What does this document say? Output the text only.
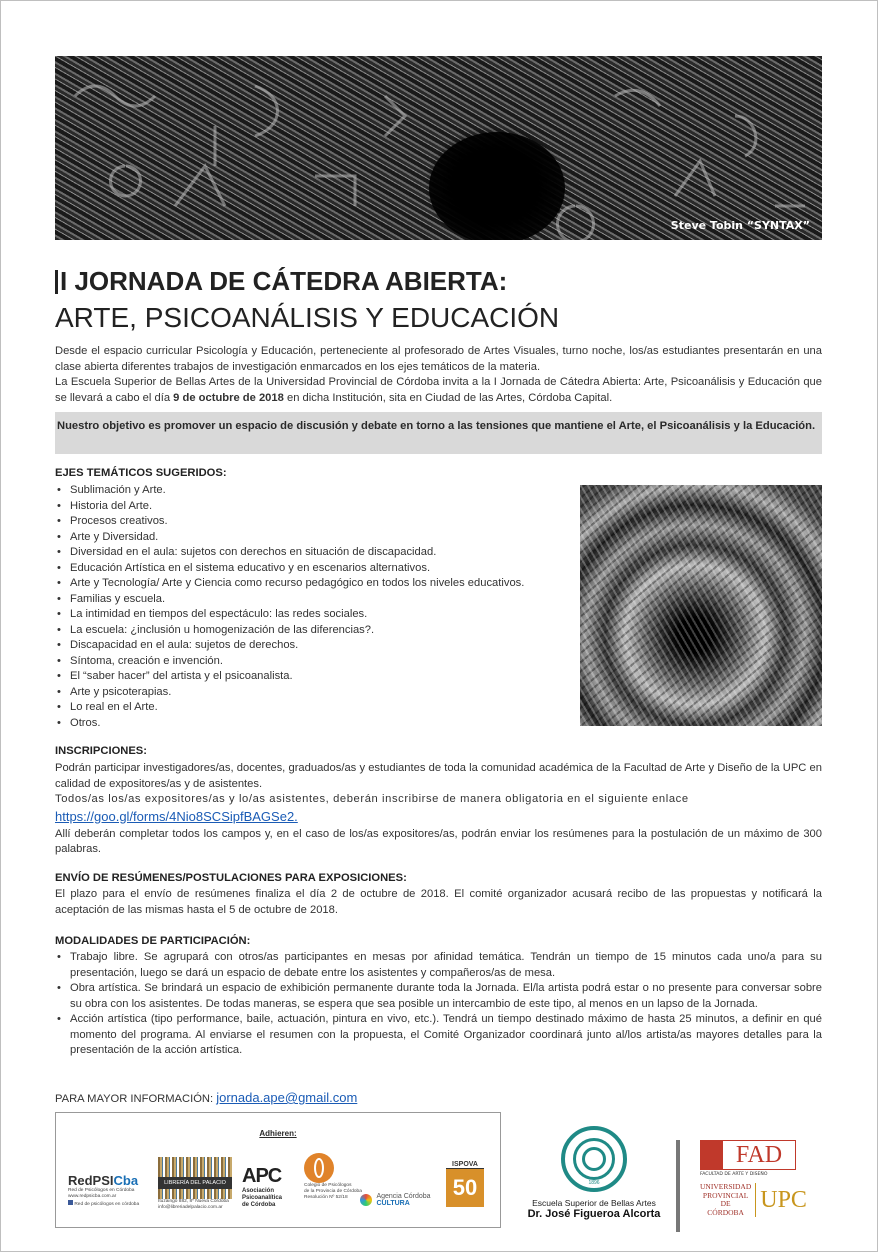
Steve Tobin “SYNTAX”
I JORNADA DE CÁTEDRA ABIERTA:
ARTE, PSICOANÁLISIS Y EDUCACIÓN

Desde el espacio curricular Psicología y Educación, perteneciente al profesorado de Artes Visuales, turno noche, los/as estudiantes presentarán en una clase abierta diferentes trabajos de investigación enmarcados en los ejes temáticos de la materia.

La Escuela Superior de Bellas Artes de la Universidad Provincial de Córdoba invita a la I Jornada de Cátedra Abierta: Arte, Psicoanálisis y Educación que se llevará a cabo el día 9 de octubre de 2018 en dicha Institución, sita en Ciudad de las Artes, Córdoba Capital.

Nuestro objetivo es promover un espacio de discusión y debate en torno a las tensiones que mantiene el Arte, el Psicoanálisis y la Educación.
EJES TEMÁTICOS SUGERIDOS:
• Sublimación y Arte.
• Historia del Arte.
• Procesos creativos.
• Arte y Diversidad.
• Diversidad en el aula: sujetos con derechos en situación de discapacidad.
• Educación Artística en el sistema educativo y en escenarios alternativos.
• Arte y Tecnología/ Arte y Ciencia como recurso pedagógico en todos los niveles educativos.
• Familias y escuela.
• La intimidad en tiempos del espectáculo: las redes sociales.
• La escuela: ¿inclusión u homogenización de las diferencias?.
• Discapacidad en el aula: sujetos de derechos.
• Síntoma, creación e invención.
• El “saber hacer” del artista y el psicoanalista.
• Arte y psicoterapias.
• Lo real en el Arte.
• Otros.
INSCRIPCIONES:

Podrán participar investigadores/as, docentes, graduados/as y estudiantes de toda la comunidad académica de la Facultad de Arte y Diseño de la UPC en calidad de expositores/as y de asistentes.

Todos/as los/as expositores/as y lo/as asistentes, deberán inscribirse de manera obligatoria en el siguiente enlace

https://goo.gl/forms/4Nio8SCSipfBAGSe2.

Allí deberán completar todos los campos y, en el caso de los/as expositores/as, podrán enviar los resúmenes para la postulación de un máximo de 300 palabras.

ENVÍO DE RESÚMENES/POSTULACIONES PARA EXPOSICIONES:
El plazo para el envío de resúmenes finaliza el día 2 de octubre de 2018. El comité organizador acusará recibo de las propuestas y notificará la aceptación de las mismas hasta el 5 de octubre de 2018.
MODALIDADES DE PARTICIPACIÓN:
• Trabajo libre. Se agrupará con otros/as participantes en mesas por afinidad temática. Tendrán un tiempo de 15 minutos cada uno/a para su presentación, luego se dará un espacio de debate entre los asistentes y compañeros/as de mesa.
• Obra artística. Se brindará un espacio de exhibición permanente durante toda la Jornada. El/la artista podrá estar o no presente para conversar sobre su obra con los asistentes. De todas maneras, se espera que sea posible un intercambio de este tipo, al menos en un lapso de la Jornada.
• Acción artística (tipo performance, baile, actuación, pintura en vivo, etc.). Tendrá un tiempo destinado máximo de hasta 25 minutos, a definir en qué momento del programa. Al enviarse el resumen con la propuesta, el Comité Organizador coordinará junto al/los artista/as mayores detalles para la presentación de la acción artística.
PARA MAYOR INFORMACIÓN: jornada.ape@gmail.com
Adhieren:
RedPSICba
Red de Psicólogos en Córdoba
www.redpsicba.com.ar
Red de psicólogos en córdoba
LIBRERÍA DEL PALACIO
Ituzaingó 882, 8º Nueva Córdoba
info@libreriadelpalacio.com.ar
APC
Asociación
Psicoanalítica
de Córdoba
Colegio de Psicólogos
de la Provincia de Córdoba
Resolución Nº 52/18
	Agencia Córdoba
CULTURA
ISPOVA
50	1896
Escuela Superior de Bellas Artes
Dr. José Figueroa Alcorta
FAD
FACULTAD DE ARTE Y DISEÑO
UNIVERSIDAD
PROVINCIAL DE
CÓRDOBA UPC
